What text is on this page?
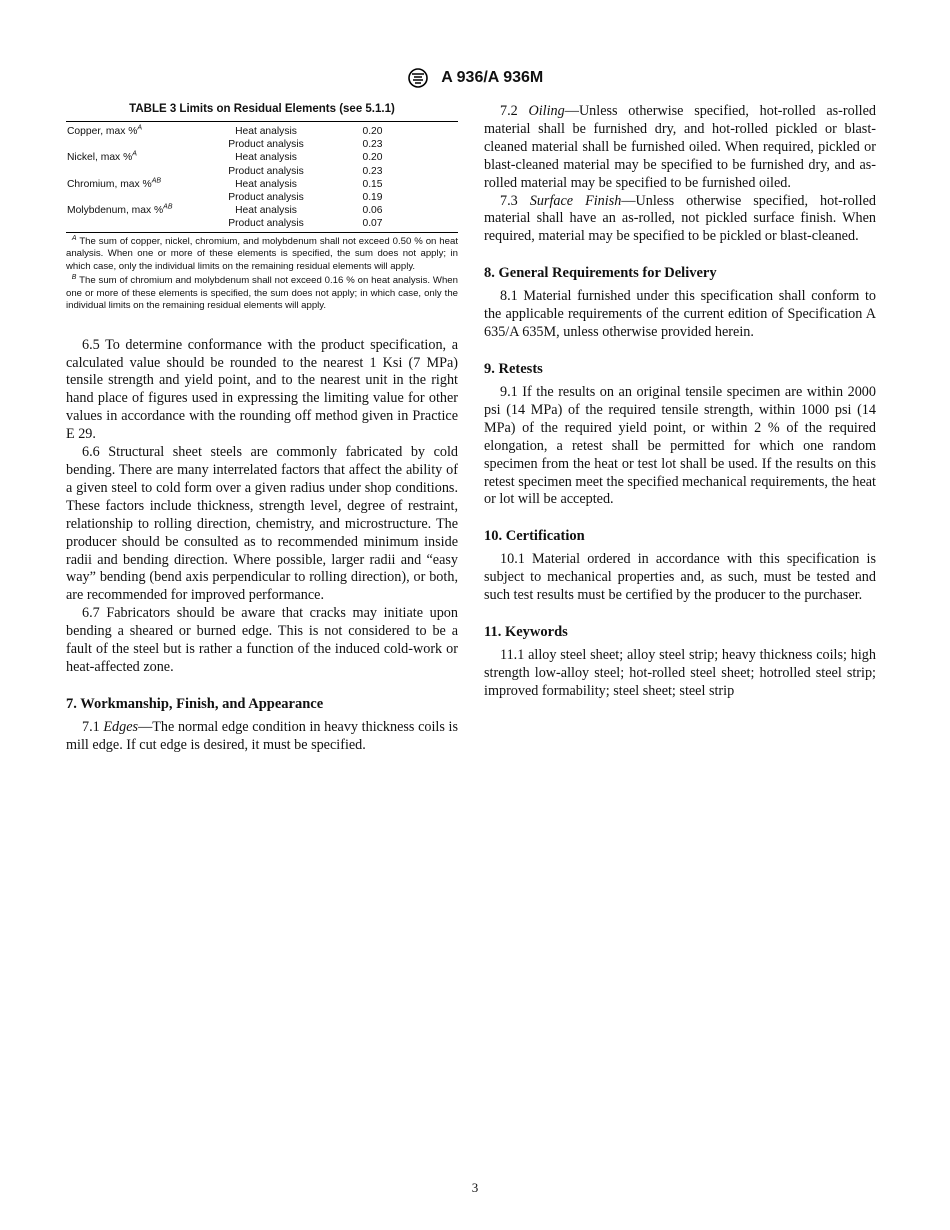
A 936/A 936M
TABLE 3 Limits on Residual Elements (see 5.1.1)
Copper, max %$^A$	Heat analysis	0.20
	Product analysis	0.23
Nickel, max %$^A$	Heat analysis	0.20
	Product analysis	0.23
Chromium, max %$^{AB}$	Heat analysis	0.15
	Product analysis	0.19
Molybdenum, max %$^{AB}$	Heat analysis	0.06
	Product analysis	0.07

$^A$ The sum of copper, nickel, chromium, and molybdenum shall not exceed 0.50 % on heat analysis. When one or more of these elements is specified, the sum does not apply; in which case, only the individual limits on the remaining residual elements will apply.

$^B$ The sum of chromium and molybdenum shall not exceed 0.16 % on heat analysis. When one or more of these elements is specified, the sum does not apply; in which case, only the individual limits on the remaining residual elements will apply.

6.5 To determine conformance with the product specification, a calculated value should be rounded to the nearest 1 Ksi (7 MPa) tensile strength and yield point, and to the nearest unit in the right hand place of figures used in expressing the limiting value for other values in accordance with the rounding off method given in Practice E 29.

6.6 Structural sheet steels are commonly fabricated by cold bending. There are many interrelated factors that affect the ability of a given steel to cold form over a given radius under shop conditions. These factors include thickness, strength level, degree of restraint, relationship to rolling direction, chemistry, and microstructure. The producer should be consulted as to recommended minimum inside radii and bending direction. Where possible, larger radii and “easy way” bending (bend axis perpendicular to rolling direction), or both, are recommended for improved performance.

6.7 Fabricators should be aware that cracks may initiate upon bending a sheared or burned edge. This is not considered to be a fault of the steel but is rather a function of the induced cold-work or heat-affected zone.

7. Workmanship, Finish, and Appearance

7.1 Edges—The normal edge condition in heavy thickness coils is mill edge. If cut edge is desired, it must be specified.

7.2 Oiling—Unless otherwise specified, hot-rolled as-rolled material shall be furnished dry, and hot-rolled pickled or blast-cleaned material shall be furnished oiled. When required, pickled or blast-cleaned material may be specified to be furnished dry, and as-rolled material may be specified to be furnished oiled.

7.3 Surface Finish—Unless otherwise specified, hot-rolled material shall have an as-rolled, not pickled surface finish. When required, material may be specified to be pickled or blast-cleaned.

8. General Requirements for Delivery

8.1 Material furnished under this specification shall conform to the applicable requirements of the current edition of Specification A 635/A 635M, unless otherwise provided herein.

9. Retests

9.1 If the results on an original tensile specimen are within 2000 psi (14 MPa) of the required tensile strength, within 1000 psi (14 MPa) of the required yield point, or within 2 % of the required elongation, a retest shall be permitted for which one random specimen from the heat or test lot shall be used. If the results on this retest specimen meet the specified mechanical requirements, the heat or lot will be accepted.

10. Certification

10.1 Material ordered in accordance with this specification is subject to mechanical properties and, as such, must be tested and such test results must be certified by the producer to the purchaser.

11. Keywords

11.1 alloy steel sheet; alloy steel strip; heavy thickness coils; high strength low-alloy steel; hot-rolled steel sheet; hotrolled steel strip; improved formability; steel sheet; steel strip

3
